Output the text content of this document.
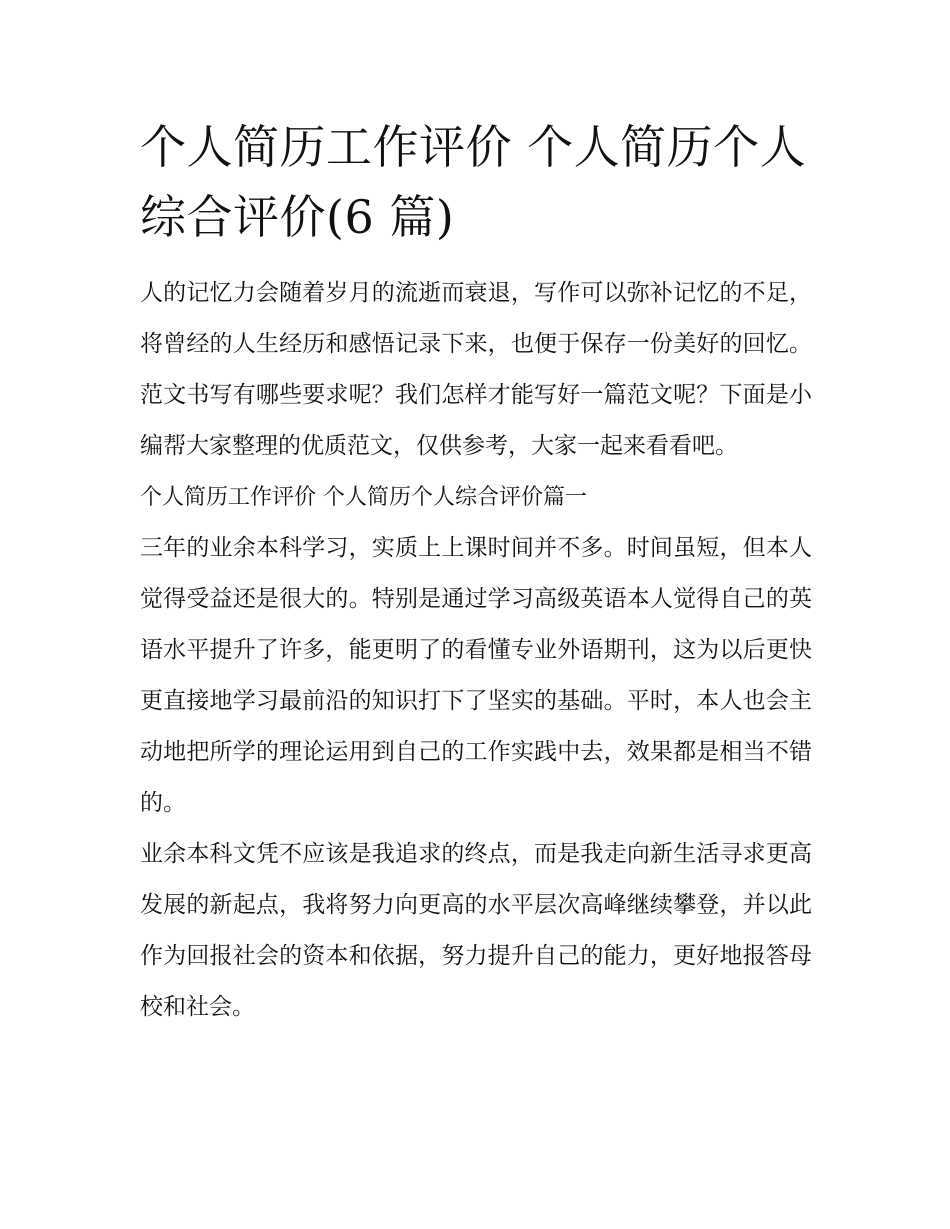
个人简历工作评价 个人简历个人综合评价(6 篇)

人的记忆力会随着岁月的流逝而衰退，写作可以弥补记忆的不足，将曾经的人生经历和感悟记录下来，也便于保存一份美好的回忆。范文书写有哪些要求呢？我们怎样才能写好一篇范文呢？下面是小编帮大家整理的优质范文，仅供参考，大家一起来看看吧。

个人简历工作评价 个人简历个人综合评价篇一

三年的业余本科学习，实质上上课时间并不多。时间虽短，但本人觉得受益还是很大的。特别是通过学习高级英语本人觉得自己的英语水平提升了许多，能更明了的看懂专业外语期刊，这为以后更快更直接地学习最前沿的知识打下了坚实的基础。平时，本人也会主动地把所学的理论运用到自己的工作实践中去，效果都是相当不错的。

业余本科文凭不应该是我追求的终点，而是我走向新生活寻求更高发展的新起点，我将努力向更高的水平层次高峰继续攀登，并以此作为回报社会的资本和依据，努力提升自己的能力，更好地报答母校和社会。
